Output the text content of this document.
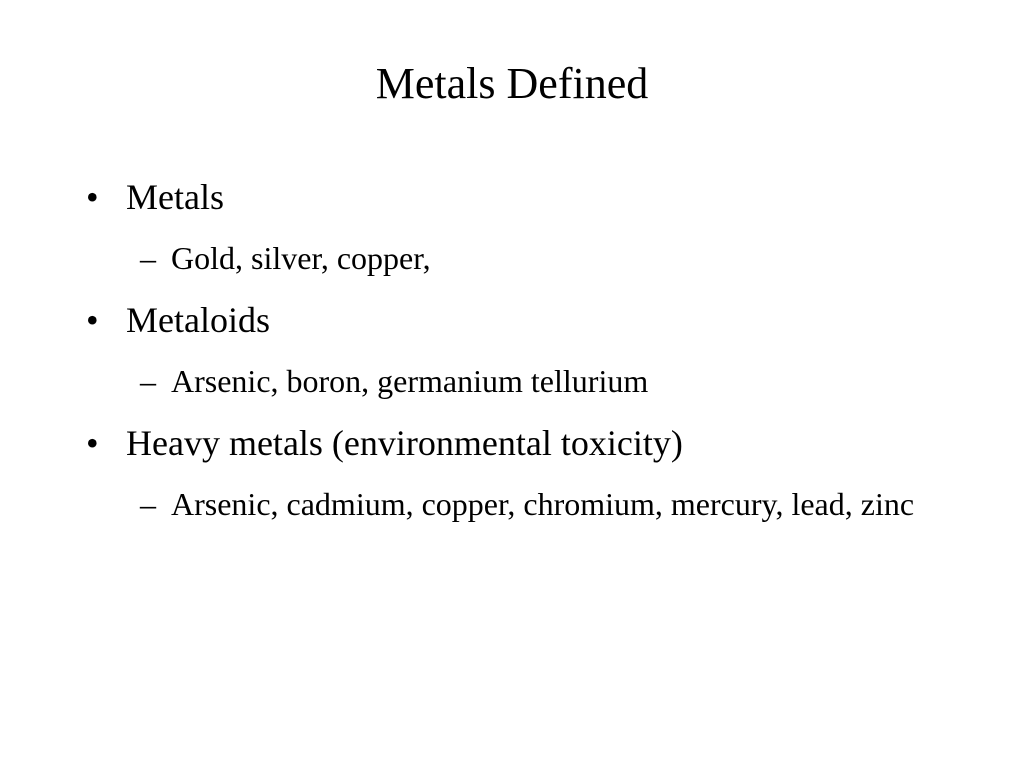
Metals Defined
• Metals
– Gold, silver, copper,
• Metaloids
– Arsenic, boron, germanium tellurium
• Heavy metals (environmental toxicity)
– Arsenic, cadmium, copper, chromium, mercury, lead, zinc
